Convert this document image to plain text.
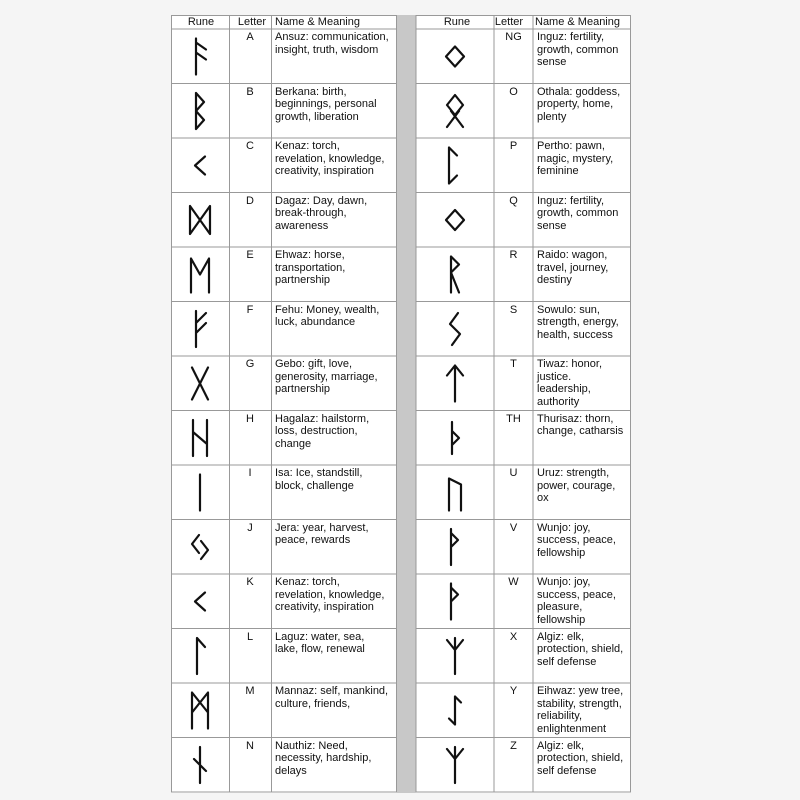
Rune	Letter Name & Meaning	Rune	Letter	Name & Meaning
A	Ansuz: communication,
insight, truth, wisdom
B	Berkana: birth,
beginnings, personal
growth, liberation
C	Kenaz: torch,
revelation, knowledge,
creativity, inspiration
D	Dagaz: Day, dawn,
break-through,
awareness
E	Ehwaz: horse,
transportation,
partnership
F	Fehu: Money, wealth,
luck, abundance
G	Gebo: gift, love,
generosity, marriage,
partnership
H	Hagalaz: hailstorm,
loss, destruction,
change
I	Isa: Ice, standstill,
block, challenge
J	Jera: year, harvest,
peace, rewards
K	Kenaz: torch,
revelation, knowledge,
creativity, inspiration
L	Laguz: water, sea,
lake, flow, renewal
M	Mannaz: self, mankind,
culture, friends,
N	Nauthiz: Need,
necessity, hardship,
delays
NG	Inguz: fertility,
growth, common
sense
O	Othala: goddess,
property, home,
plenty
P	Pertho: pawn,
magic, mystery,
feminine
Q	Inguz: fertility,
growth, common
sense
R	Raido: wagon,
travel, journey,
destiny
S	Sowulo: sun,
strength, energy,
health, success
T	Tiwaz: honor,
justice.
leadership,
authority
TH	Thurisaz: thorn,
change, catharsis
U	Uruz: strength,
power, courage,
ox
V	Wunjo: joy,
success, peace,
fellowship
W	Wunjo: joy,
success, peace,
pleasure,
fellowship
X	Algiz: elk,
protection, shield,
self defense
Y	Eihwaz: yew tree,
stability, strength,
reliability,
enlightenment
Z	Algiz: elk,
protection, shield,
self defense
